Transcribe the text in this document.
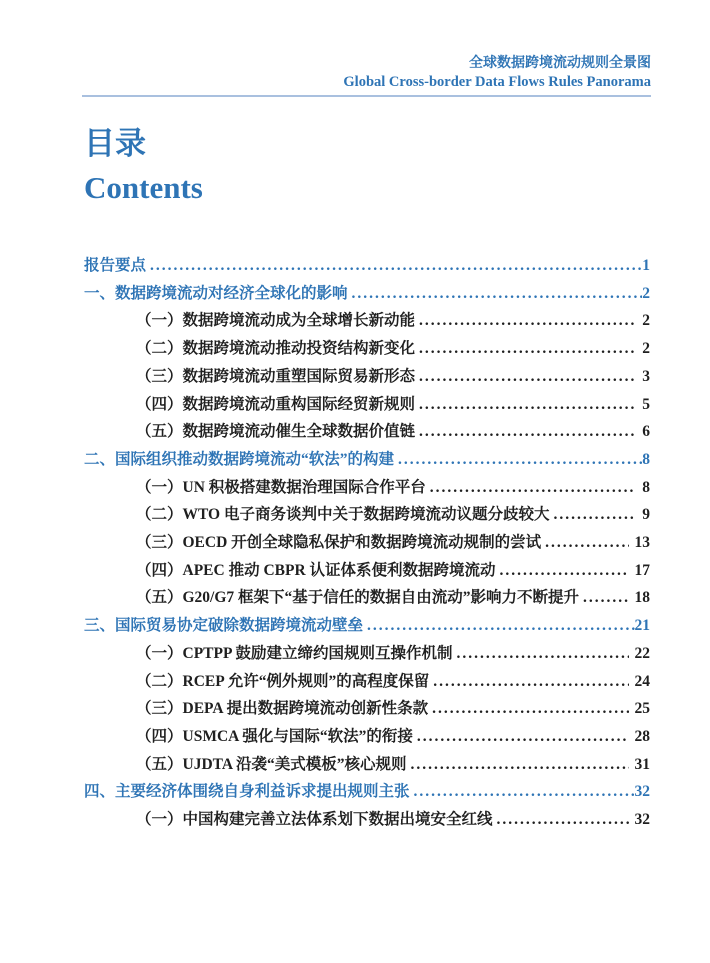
全球数据跨境流动规则全景图
Global Cross-border Data Flows Rules Panorama
目录
Contents
报告要点 .....	1
一、数据跨境流动对经济全球化的影响 .....	2
（一）数据跨境流动成为全球增长新动能 .....	2
（二）数据跨境流动推动投资结构新变化 .....	2
（三）数据跨境流动重塑国际贸易新形态 .....	3
（四）数据跨境流动重构国际经贸新规则 .....	5
（五）数据跨境流动催生全球数据价值链 .....	6
二、国际组织推动数据跨境流动“软法”的构建 .....	8
（一）UN 积极搭建数据治理国际合作平台 .....	8
（二）WTO 电子商务谈判中关于数据跨境流动议题分歧较大 .....	9
（三）OECD 开创全球隐私保护和数据跨境流动规制的尝试 .....	13
（四）APEC 推动 CBPR 认证体系便利数据跨境流动 .....	17
（五）G20/G7 框架下“基于信任的数据自由流动”影响力不断提升 .....	18
三、国际贸易协定破除数据跨境流动壁垒 .....	21
（一）CPTPP 鼓励建立缔约国规则互操作机制 .....	22
（二）RCEP 允许“例外规则”的高程度保留 .....	24
（三）DEPA 提出数据跨境流动创新性条款 .....	25
（四）USMCA 强化与国际“软法”的衔接 .....	28
（五）UJDTA 沿袭“美式模板”核心规则 .....	31
四、主要经济体围绕自身利益诉求提出规则主张 .....	32
（一）中国构建完善立法体系划下数据出境安全红线 .....	32
